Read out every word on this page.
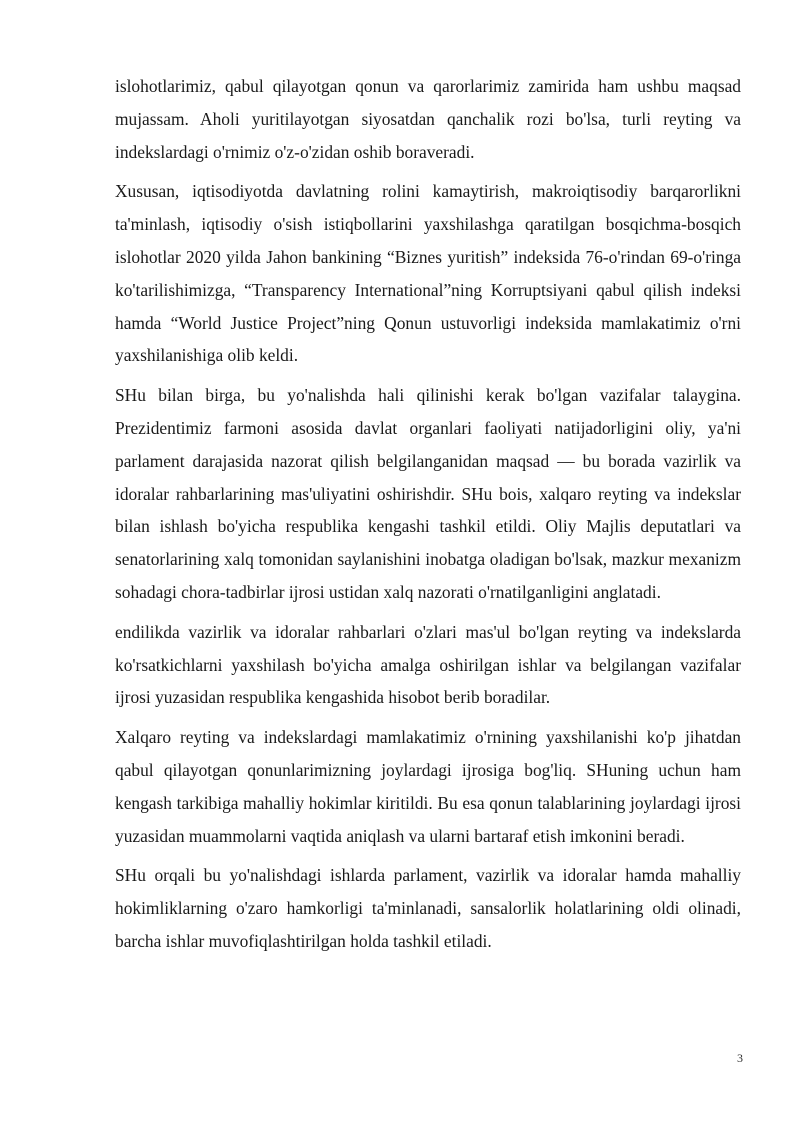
islohotlarimiz, qabul qilayotgan qonun va qarorlarimiz zamirida ham ushbu maqsad mujassam. Aholi yuritilayotgan siyosatdan qanchalik rozi bo'lsa, turli reyting va indekslardagi o'rnimiz o'z-o'zidan oshib boraveradi.

Xususan, iqtisodiyotda davlatning rolini kamaytirish, makroiqtisodiy barqarorlikni ta'minlash, iqtisodiy o'sish istiqbollarini yaxshilashga qaratilgan bosqichma-bosqich islohotlar 2020 yilda Jahon bankining “Biznes yuritish” indeksida 76-o'rindan 69-o'ringa ko'tarilishimizga, “Transparency International”ning Korruptsiyani qabul qilish indeksi hamda “World Justice Project”ning Qonun ustuvorligi indeksida mamlakatimiz o'rni yaxshilanishiga olib keldi.

SHu bilan birga, bu yo'nalishda hali qilinishi kerak bo'lgan vazifalar talaygina. Prezidentimiz farmoni asosida davlat organlari faoliyati natijadorligini oliy, ya'ni parlament darajasida nazorat qilish belgilanganidan maqsad — bu borada vazirlik va idoralar rahbarlarining mas'uliyatini oshirishdir. SHu bois, xalqaro reyting va indekslar bilan ishlash bo'yicha respublika kengashi tashkil etildi. Oliy Majlis deputatlari va senatorlarining xalq tomonidan saylanishini inobatga oladigan bo'lsak, mazkur mexanizm sohadagi chora-tadbirlar ijrosi ustidan xalq nazorati o'rnatilganligini anglatadi.

endilikda vazirlik va idoralar rahbarlari o'zlari mas'ul bo'lgan reyting va indekslarda ko'rsatkichlarni yaxshilash bo'yicha amalga oshirilgan ishlar va belgilangan vazifalar ijrosi yuzasidan respublika kengashida hisobot berib boradilar.

Xalqaro reyting va indekslardagi mamlakatimiz o'rnining yaxshilanishi ko'p jihatdan qabul qilayotgan qonunlarimizning joylardagi ijrosiga bog'liq. SHuning uchun ham kengash tarkibiga mahalliy hokimlar kiritildi. Bu esa qonun talablarining joylardagi ijrosi yuzasidan muammolarni vaqtida aniqlash va ularni bartaraf etish imkonini beradi.

SHu orqali bu yo'nalishdagi ishlarda parlament, vazirlik va idoralar hamda mahalliy hokimliklarning o'zaro hamkorligi ta'minlanadi, sansalorlik holatlarining oldi olinadi, barcha ishlar muvofiqlashtirilgan holda tashkil etiladi.

3
